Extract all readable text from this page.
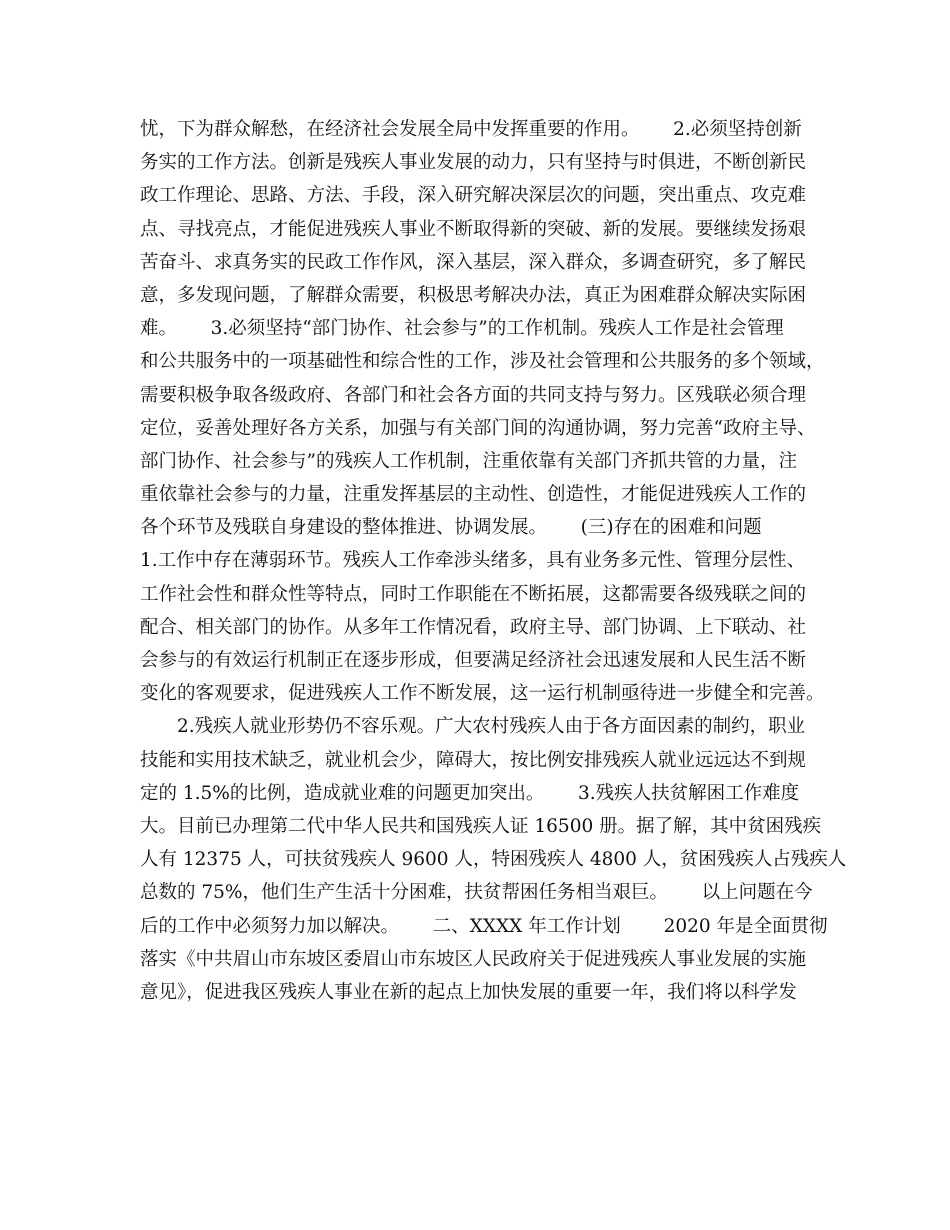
忧，下为群众解愁，在经济社会发展全局中发挥重要的作用。　　 2.必须坚持创新
务实的工作方法。创新是残疾人事业发展的动力，只有坚持与时俱进，不断创新民
政工作理论、思路、方法、手段，深入研究解决深层次的问题，突出重点、攻克难
点、寻找亮点，才能促进残疾人事业不断取得新的突破、新的发展。要继续发扬艰
苦奋斗、求真务实的民政工作作风，深入基层，深入群众，多调查研究，多了解民
意，多发现问题，了解群众需要，积极思考解决办法，真正为困难群众解决实际困
难。　　 3.必须坚持“部门协作、社会参与”的工作机制。残疾人工作是社会管理
和公共服务中的一项基础性和综合性的工作，涉及社会管理和公共服务的多个领域，
需要积极争取各级政府、各部门和社会各方面的共同支持与努力。区残联必须合理
定位，妥善处理好各方关系，加强与有关部门间的沟通协调，努力完善“政府主导、
部门协作、社会参与”的残疾人工作机制，注重依靠有关部门齐抓共管的力量，注
重依靠社会参与的力量，注重发挥基层的主动性、创造性，才能促进残疾人工作的
各个环节及残联自身建设的整体推进、协调发展。　　 (三)存在的困难和问题
1.工作中存在薄弱环节。残疾人工作牵涉头绪多，具有业务多元性、管理分层性、
工作社会性和群众性等特点，同时工作职能在不断拓展，这都需要各级残联之间的
配合、相关部门的协作。从多年工作情况看，政府主导、部门协调、上下联动、社
会参与的有效运行机制正在逐步形成，但要满足经济社会迅速发展和人民生活不断
变化的客观要求，促进残疾人工作不断发展，这一运行机制亟待进一步健全和完善。
　　2.残疾人就业形势仍不容乐观。广大农村残疾人由于各方面因素的制约，职业
技能和实用技术缺乏，就业机会少，障碍大，按比例安排残疾人就业远远达不到规
定的 1.5%的比例，造成就业难的问题更加突出。　　 3.残疾人扶贫解困工作难度
大。目前已办理第二代中华人民共和国残疾人证 16500 册。据了解，其中贫困残疾
人有 12375 人，可扶贫残疾人 9600 人，特困残疾人 4800 人，贫困残疾人占残疾人
总数的 75%，他们生产生活十分困难，扶贫帮困任务相当艰巨。　　 以上问题在今
后的工作中必须努力加以解决。　　 二、XXXX 年工作计划　　 2020 年是全面贯彻
落实《中共眉山市东坡区委眉山市东坡区人民政府关于促进残疾人事业发展的实施
意见》，促进我区残疾人事业在新的起点上加快发展的重要一年，我们将以科学发
